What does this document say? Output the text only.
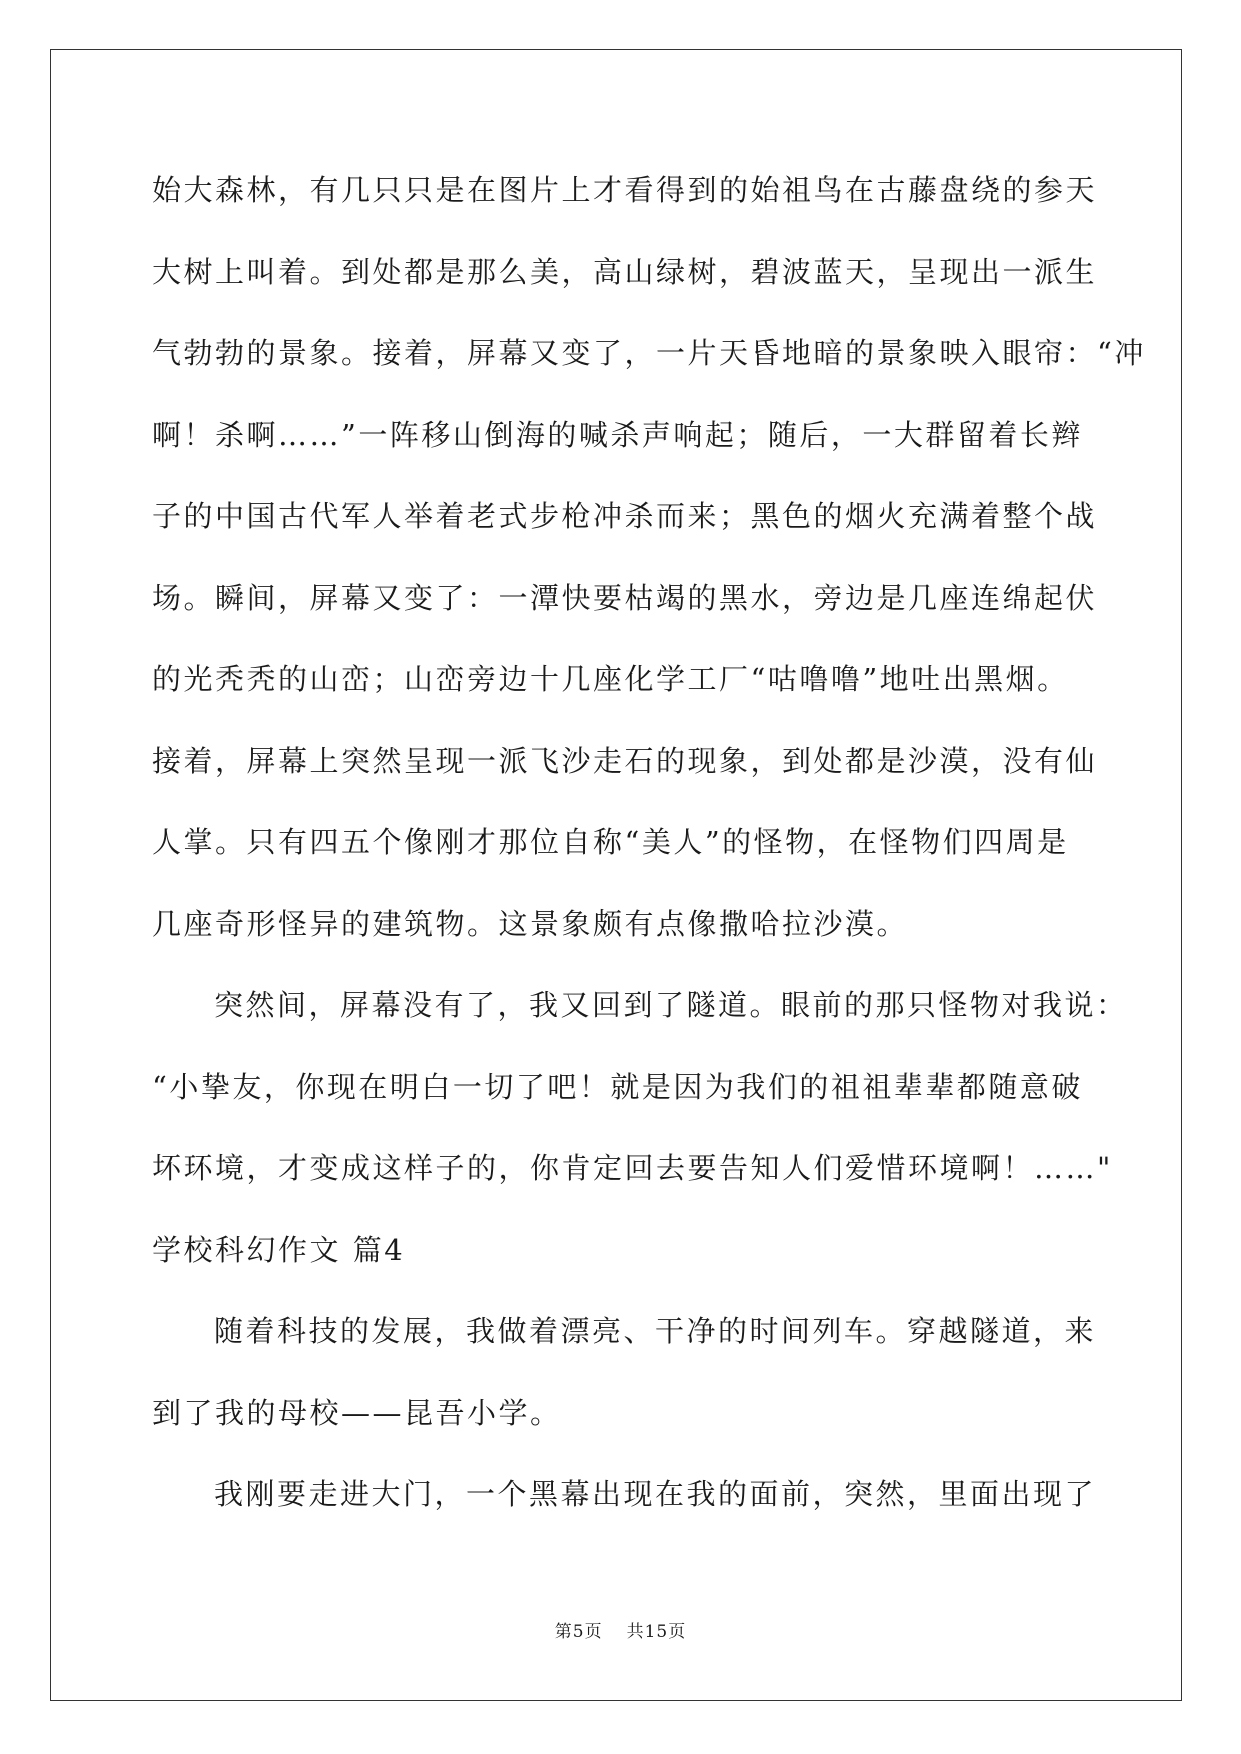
始大森林，有几只只是在图片上才看得到的始祖鸟在古藤盘绕的参天
大树上叫着。到处都是那么美，高山绿树，碧波蓝天，呈现出一派生
气勃勃的景象。接着，屏幕又变了，一片天昏地暗的景象映入眼帘：“冲
啊！杀啊……”一阵移山倒海的喊杀声响起；随后，一大群留着长辫
子的中国古代军人举着老式步枪冲杀而来；黑色的烟火充满着整个战
场。瞬间，屏幕又变了：一潭快要枯竭的黑水，旁边是几座连绵起伏
的光秃秃的山峦；山峦旁边十几座化学工厂“咕噜噜”地吐出黑烟。
接着，屏幕上突然呈现一派飞沙走石的现象，到处都是沙漠，没有仙
人掌。只有四五个像刚才那位自称“美人”的怪物，在怪物们四周是
几座奇形怪异的建筑物。这景象颇有点像撒哈拉沙漠。
突然间，屏幕没有了，我又回到了隧道。眼前的那只怪物对我说：
“小挚友，你现在明白一切了吧！就是因为我们的祖祖辈辈都随意破
坏环境，才变成这样子的，你肯定回去要告知人们爱惜环境啊！……"
学校科幻作文 篇4
随着科技的发展，我做着漂亮、干净的时间列车。穿越隧道，来
到了我的母校——昆吾小学。
我刚要走进大门，一个黑幕出现在我的面前，突然，里面出现了
第5页 共15页
